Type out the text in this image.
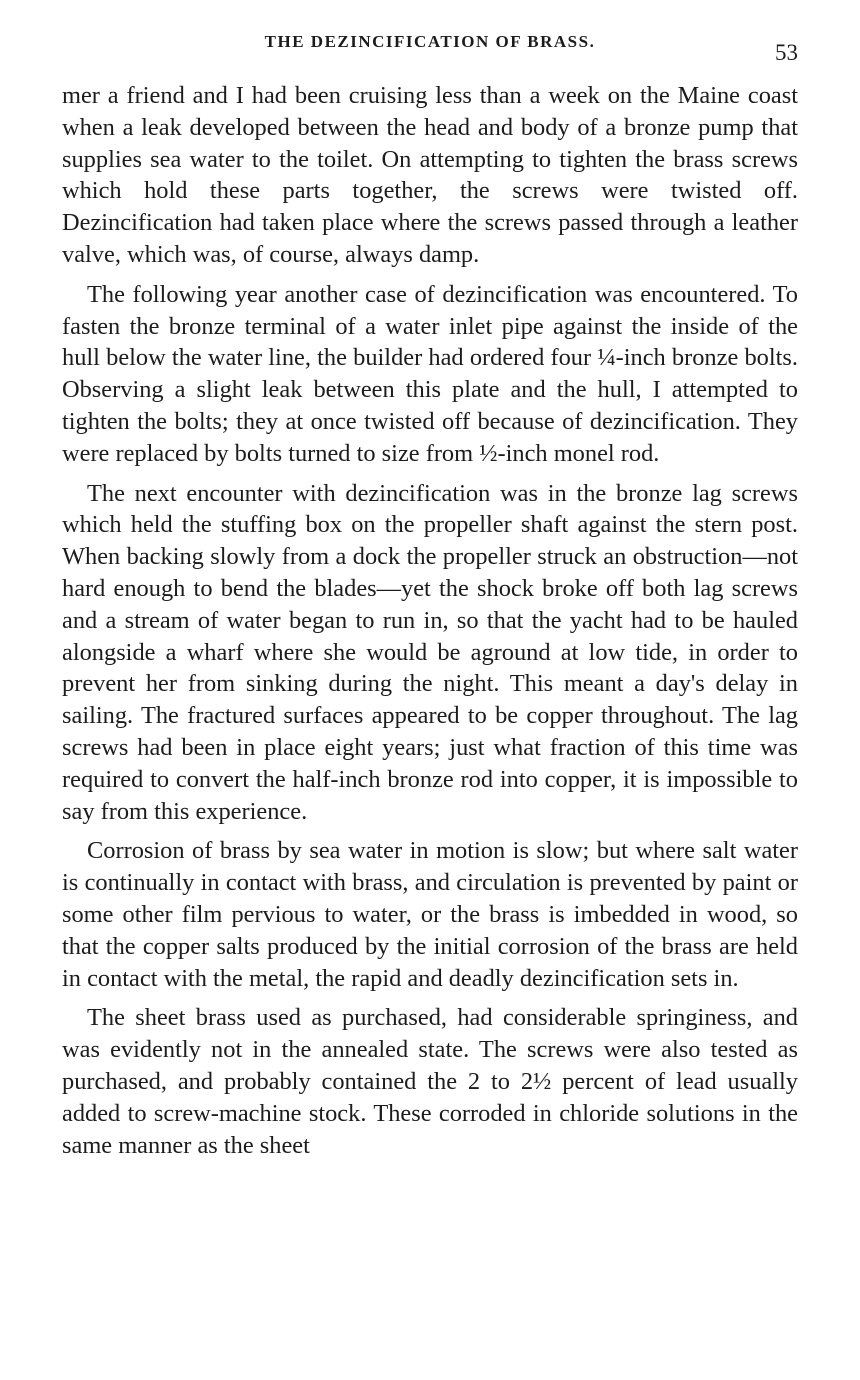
THE DEZINCIFICATION OF BRASS.	53

mer a friend and I had been cruising less than a week on the Maine coast when a leak developed between the head and body of a bronze pump that supplies sea water to the toilet. On attempting to tighten the brass screws which hold these parts together, the screws were twisted off. Dezincification had taken place where the screws passed through a leather valve, which was, of course, always damp.

The following year another case of dezincification was encountered. To fasten the bronze terminal of a water inlet pipe against the inside of the hull below the water line, the builder had ordered four ¼-inch bronze bolts. Observing a slight leak between this plate and the hull, I attempted to tighten the bolts; they at once twisted off because of dezincification. They were replaced by bolts turned to size from ½-inch monel rod.

The next encounter with dezincification was in the bronze lag screws which held the stuffing box on the propeller shaft against the stern post. When backing slowly from a dock the propeller struck an obstruction—not hard enough to bend the blades—yet the shock broke off both lag screws and a stream of water began to run in, so that the yacht had to be hauled alongside a wharf where she would be aground at low tide, in order to prevent her from sinking during the night. This meant a day's delay in sailing. The fractured surfaces appeared to be copper throughout. The lag screws had been in place eight years; just what fraction of this time was required to convert the half-inch bronze rod into copper, it is impossible to say from this experience.

Corrosion of brass by sea water in motion is slow; but where salt water is continually in contact with brass, and circulation is prevented by paint or some other film pervious to water, or the brass is imbedded in wood, so that the copper salts produced by the initial corrosion of the brass are held in contact with the metal, the rapid and deadly dezincification sets in.

The sheet brass used as purchased, had considerable springiness, and was evidently not in the annealed state. The screws were also tested as purchased, and probably contained the 2 to 2½ percent of lead usually added to screw-machine stock. These corroded in chloride solutions in the same manner as the sheet
